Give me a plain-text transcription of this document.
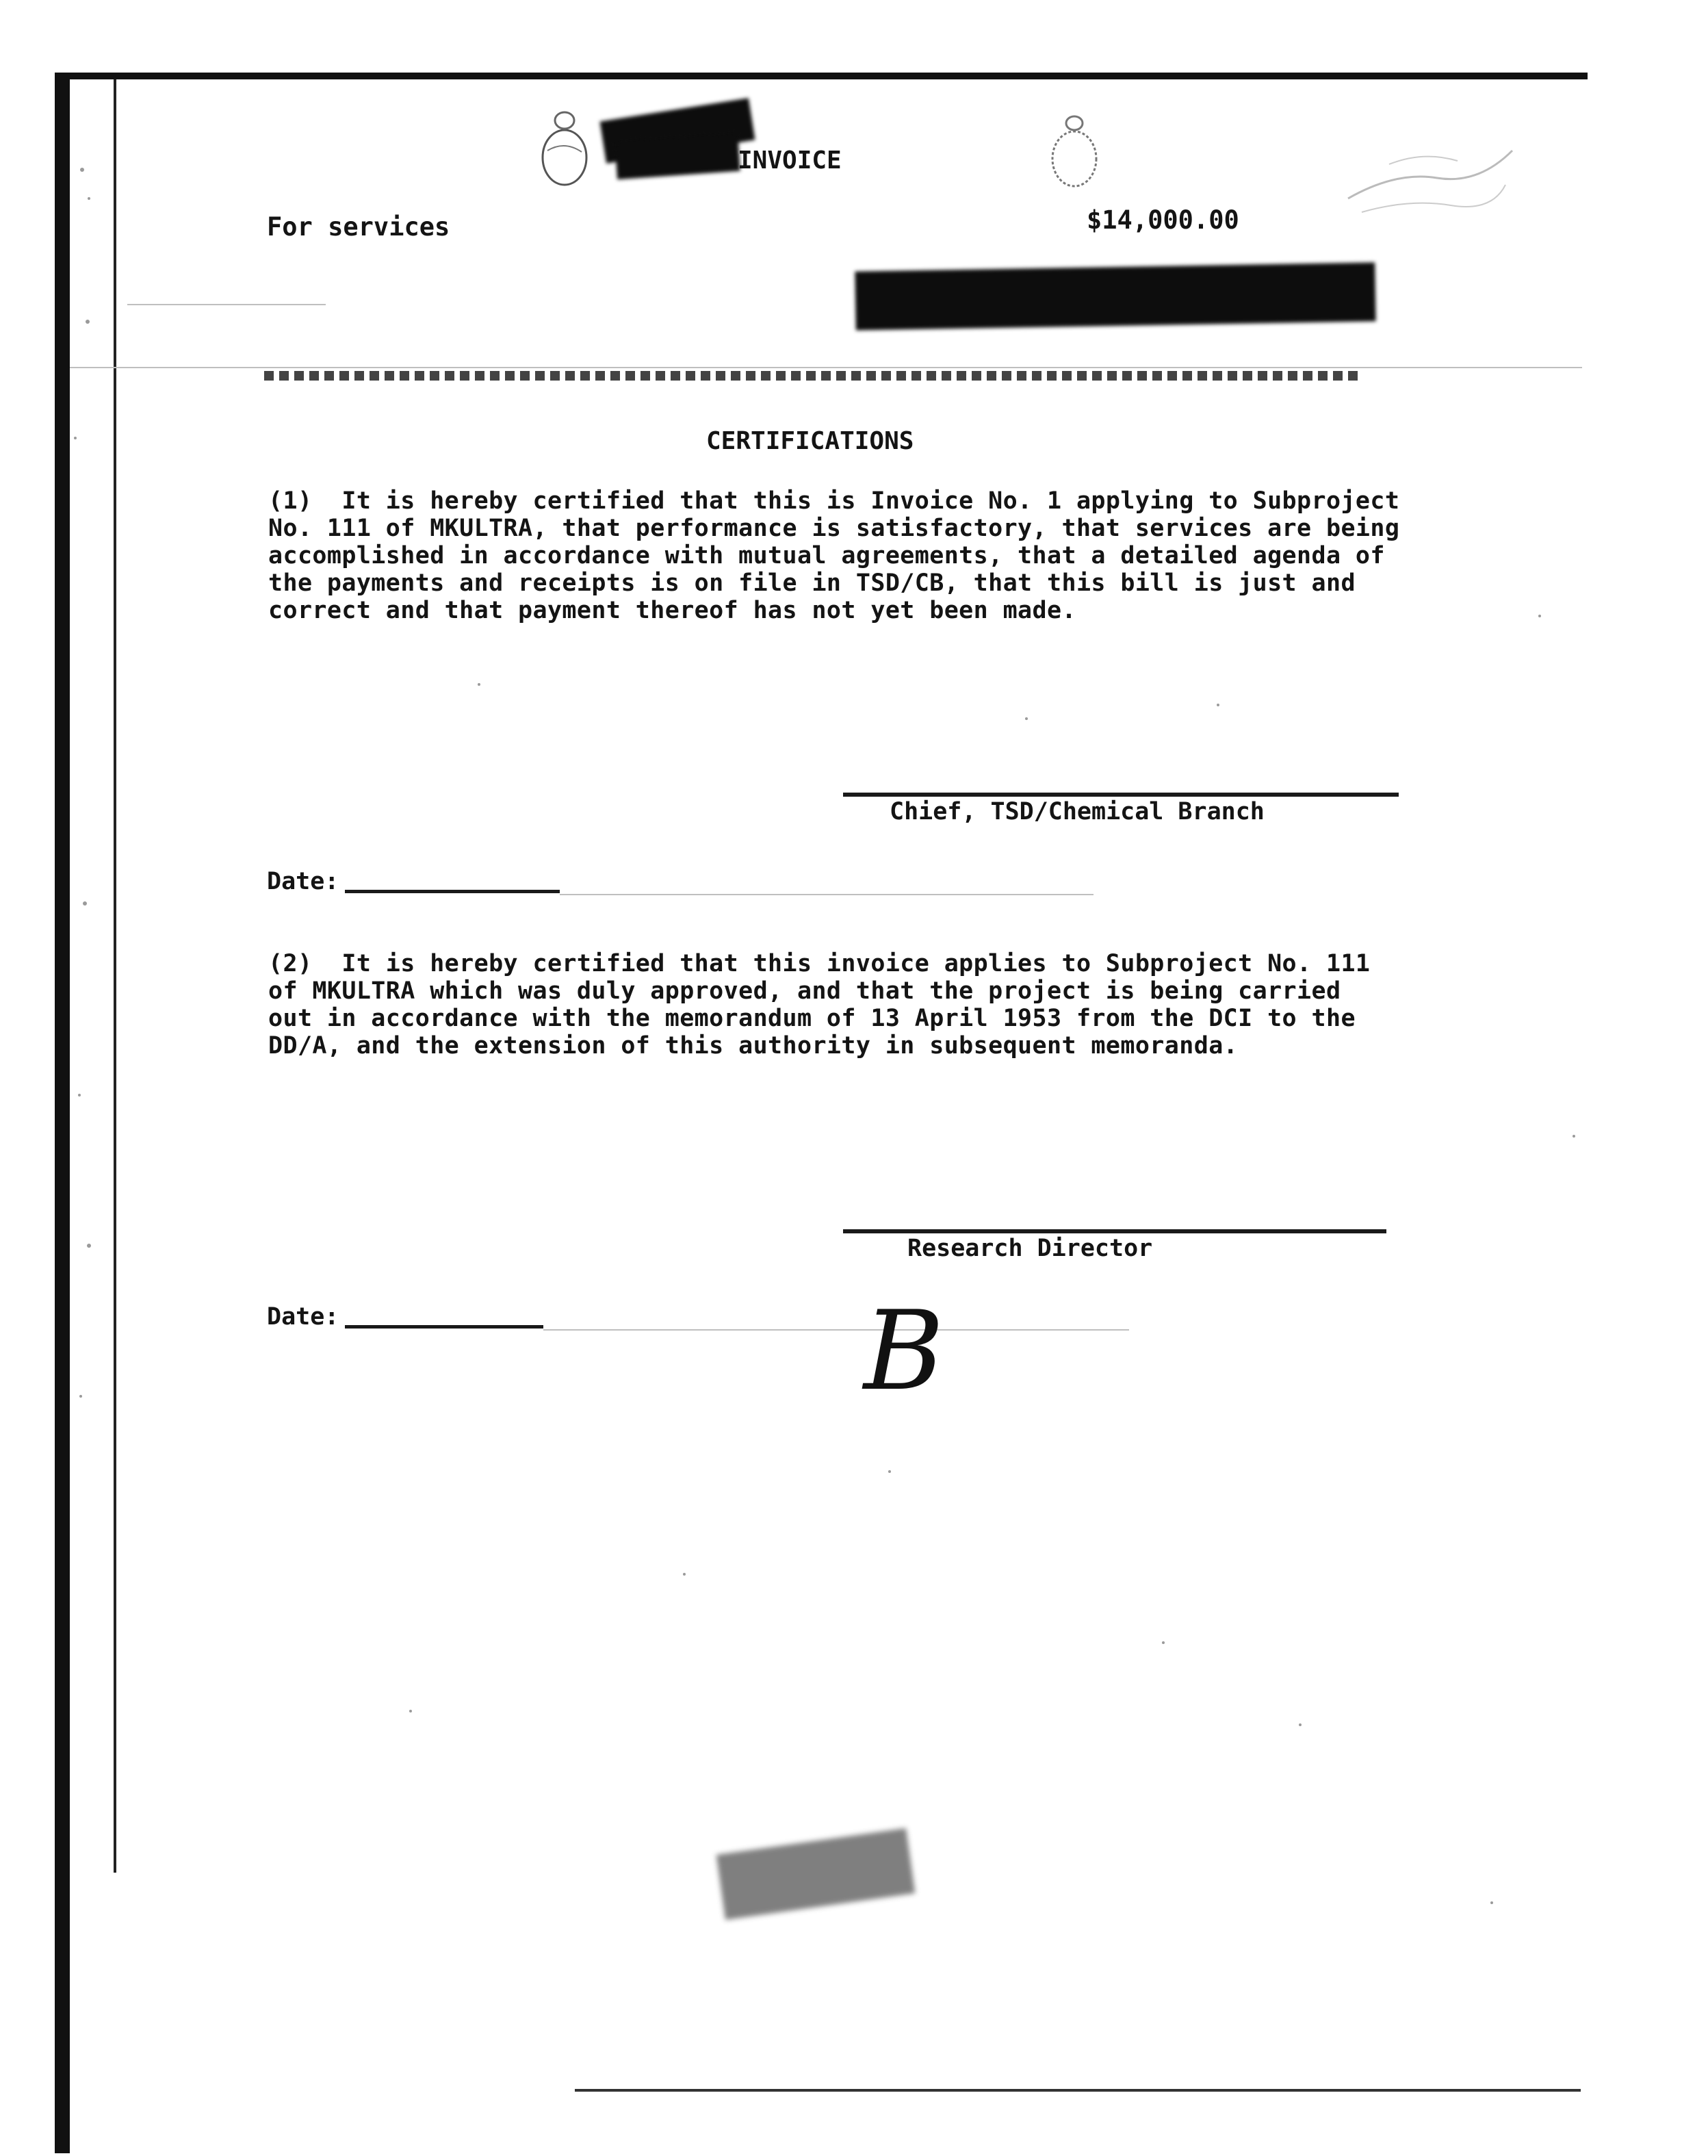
INVOICE
For services	$14,000.00
CERTIFICATIONS
(1)  It is hereby certified that this is Invoice No. 1 applying to Subproject
No. 111 of MKULTRA, that performance is satisfactory, that services are being
accomplished in accordance with mutual agreements, that a detailed agenda of
the payments and receipts is on file in TSD/CB, that this bill is just and
correct and that payment thereof has not yet been made.
Chief, TSD/Chemical Branch
Date:
(2)  It is hereby certified that this invoice applies to Subproject No. 111
of MKULTRA which was duly approved, and that the project is being carried
out in accordance with the memorandum of 13 April 1953 from the DCI to the
DD/A, and the extension of this authority in subsequent memoranda.
Research Director
Date:	B
